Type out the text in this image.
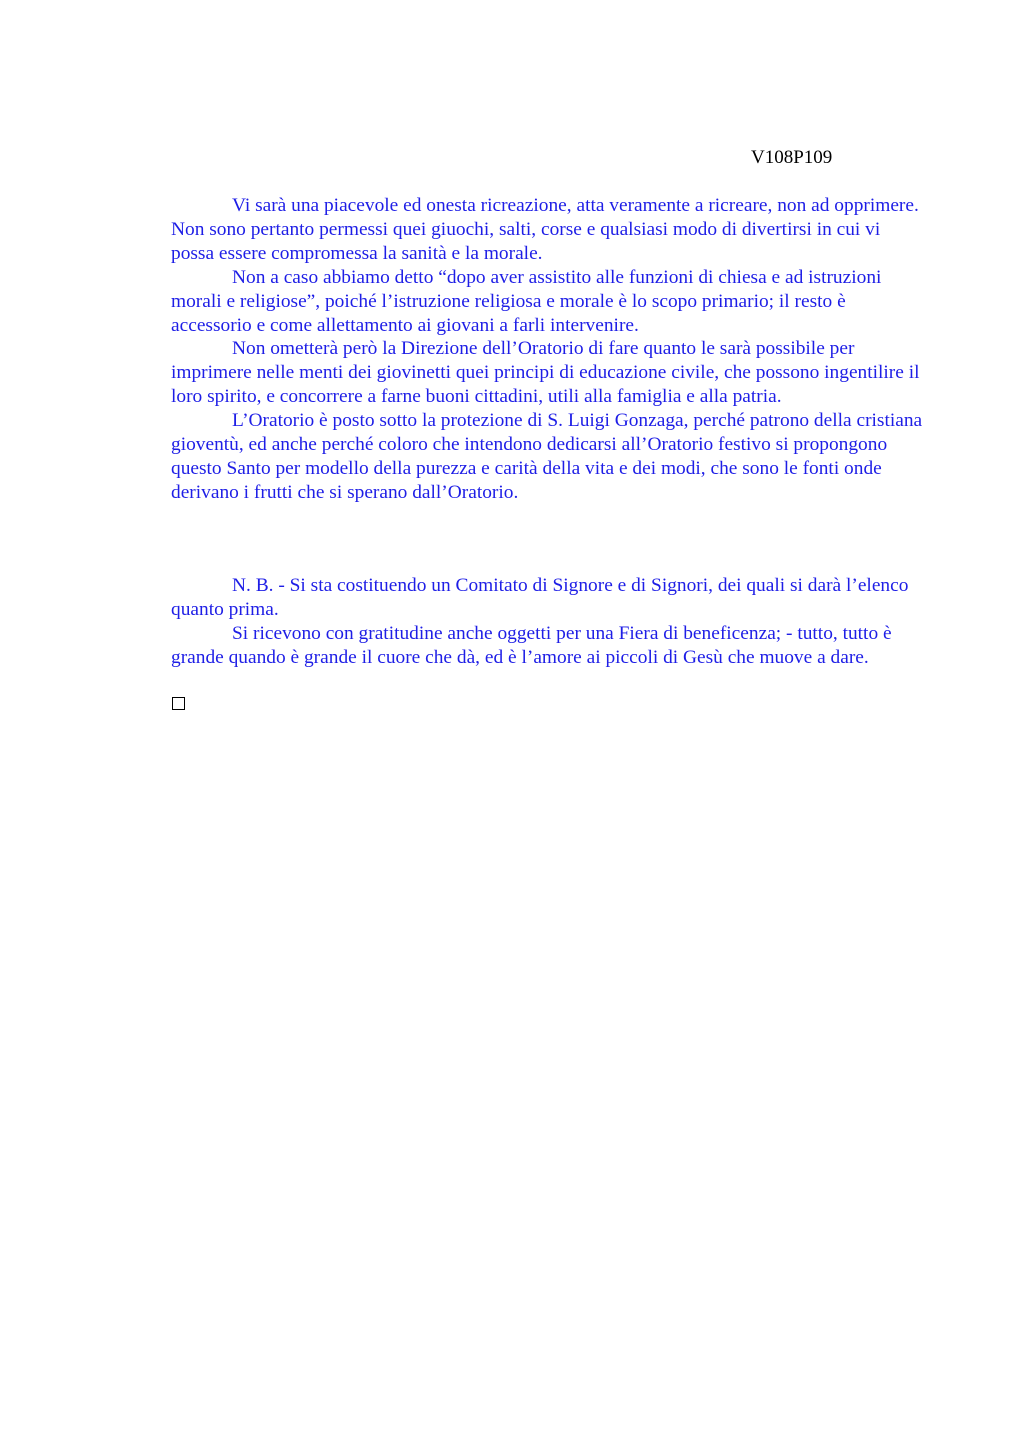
V108P109

Vi sarà una piacevole ed onesta ricreazione, atta veramente a ricreare, non ad opprimere. Non sono pertanto permessi quei giuochi, salti, corse e qualsiasi modo di divertirsi in cui vi possa essere compromessa la sanità e la morale.

Non a caso abbiamo detto “dopo aver assistito alle funzioni di chiesa e ad istruzioni morali e religiose”, poiché l’istruzione religiosa e morale è lo scopo primario; il resto è accessorio e come allettamento ai giovani a farli intervenire.

Non ometterà però la Direzione dell’Oratorio di fare quanto le sarà possibile per imprimere nelle menti dei giovinetti quei principi di educazione civile, che possono ingentilire il loro spirito, e concorrere a farne buoni cittadini, utili alla famiglia e alla patria.

L’Oratorio è posto sotto la protezione di S. Luigi Gonzaga, perché patrono della cristiana gioventù, ed anche perché coloro che intendono dedicarsi all’Oratorio festivo si propongono questo Santo per modello della purezza e carità della vita e dei modi, che sono le fonti onde derivano i frutti che si sperano dall’Oratorio.

N. B. - Si sta costituendo un Comitato di Signore e di Signori, dei quali si darà l’elenco quanto prima.

Si ricevono con gratitudine anche oggetti per una Fiera di beneficenza; - tutto, tutto è grande quando è grande il cuore che dà, ed è l’amore ai piccoli di Gesù che muove a dare.
